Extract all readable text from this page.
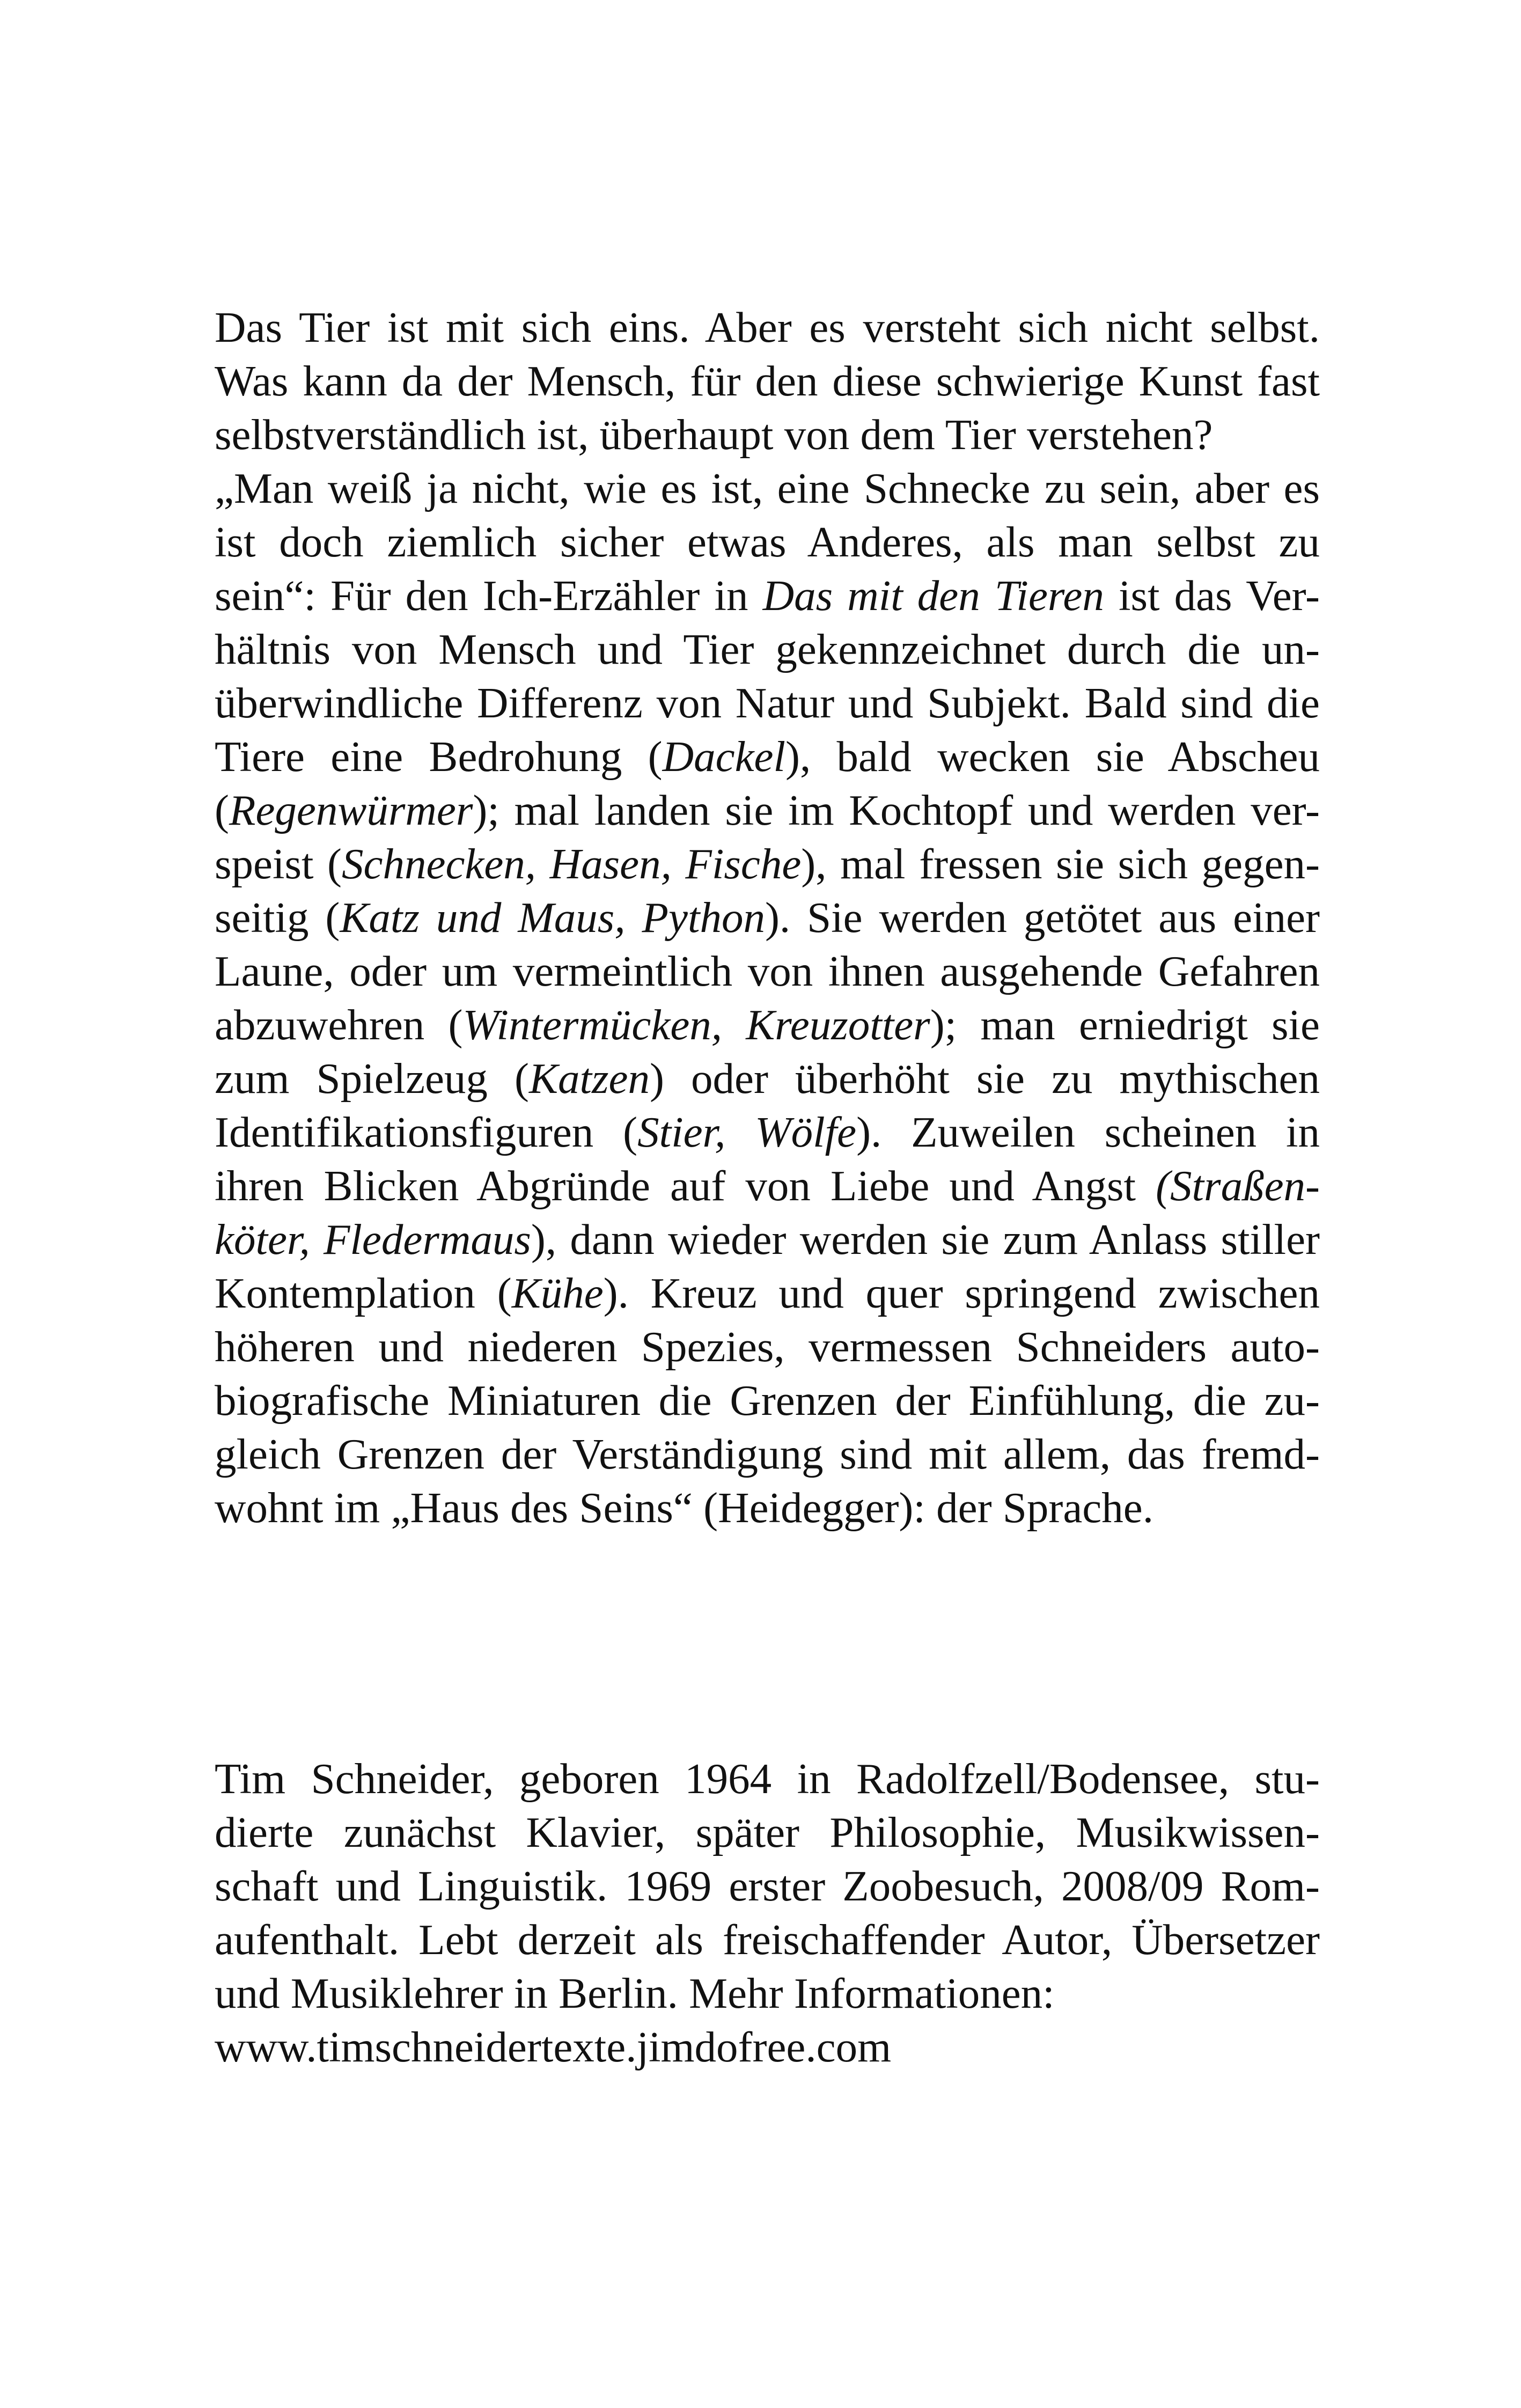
Das Tier ist mit sich eins. Aber es versteht sich nicht selbst.
Was kann da der Mensch, für den diese schwierige Kunst fast
selbstverständlich ist, überhaupt von dem Tier verstehen?
„Man weiß ja nicht, wie es ist, eine Schnecke zu sein, aber es
ist doch ziemlich sicher etwas Anderes, als man selbst zu
sein“: Für den Ich-Erzähler in Das mit den Tieren ist das Ver-
hältnis von Mensch und Tier gekennzeichnet durch die un-
überwindliche Differenz von Natur und Subjekt. Bald sind die
Tiere eine Bedrohung (Dackel), bald wecken sie Abscheu
(Regenwürmer); mal landen sie im Kochtopf und werden ver-
speist (Schnecken, Hasen, Fische), mal fressen sie sich gegen-
seitig (Katz und Maus, Python). Sie werden getötet aus einer
Laune, oder um vermeintlich von ihnen ausgehende Gefahren
abzuwehren (Wintermücken, Kreuzotter); man erniedrigt sie
zum Spielzeug (Katzen) oder überhöht sie zu mythischen
Identifikationsfiguren (Stier, Wölfe). Zuweilen scheinen in
ihren Blicken Abgründe auf von Liebe und Angst (Straßen-
köter, Fledermaus), dann wieder werden sie zum Anlass stiller
Kontemplation (Kühe). Kreuz und quer springend zwischen
höheren und niederen Spezies, vermessen Schneiders auto-
biografische Miniaturen die Grenzen der Einfühlung, die zu-
gleich Grenzen der Verständigung sind mit allem, das fremd-
wohnt im „Haus des Seins“ (Heidegger): der Sprache.
Tim Schneider, geboren 1964 in Radolfzell/Bodensee, stu-
dierte zunächst Klavier, später Philosophie, Musikwissen-
schaft und Linguistik. 1969 erster Zoobesuch, 2008/09 Rom-
aufenthalt. Lebt derzeit als freischaffender Autor, Übersetzer
und Musiklehrer in Berlin. Mehr Informationen:
www.timschneidertexte.jimdofree.com
